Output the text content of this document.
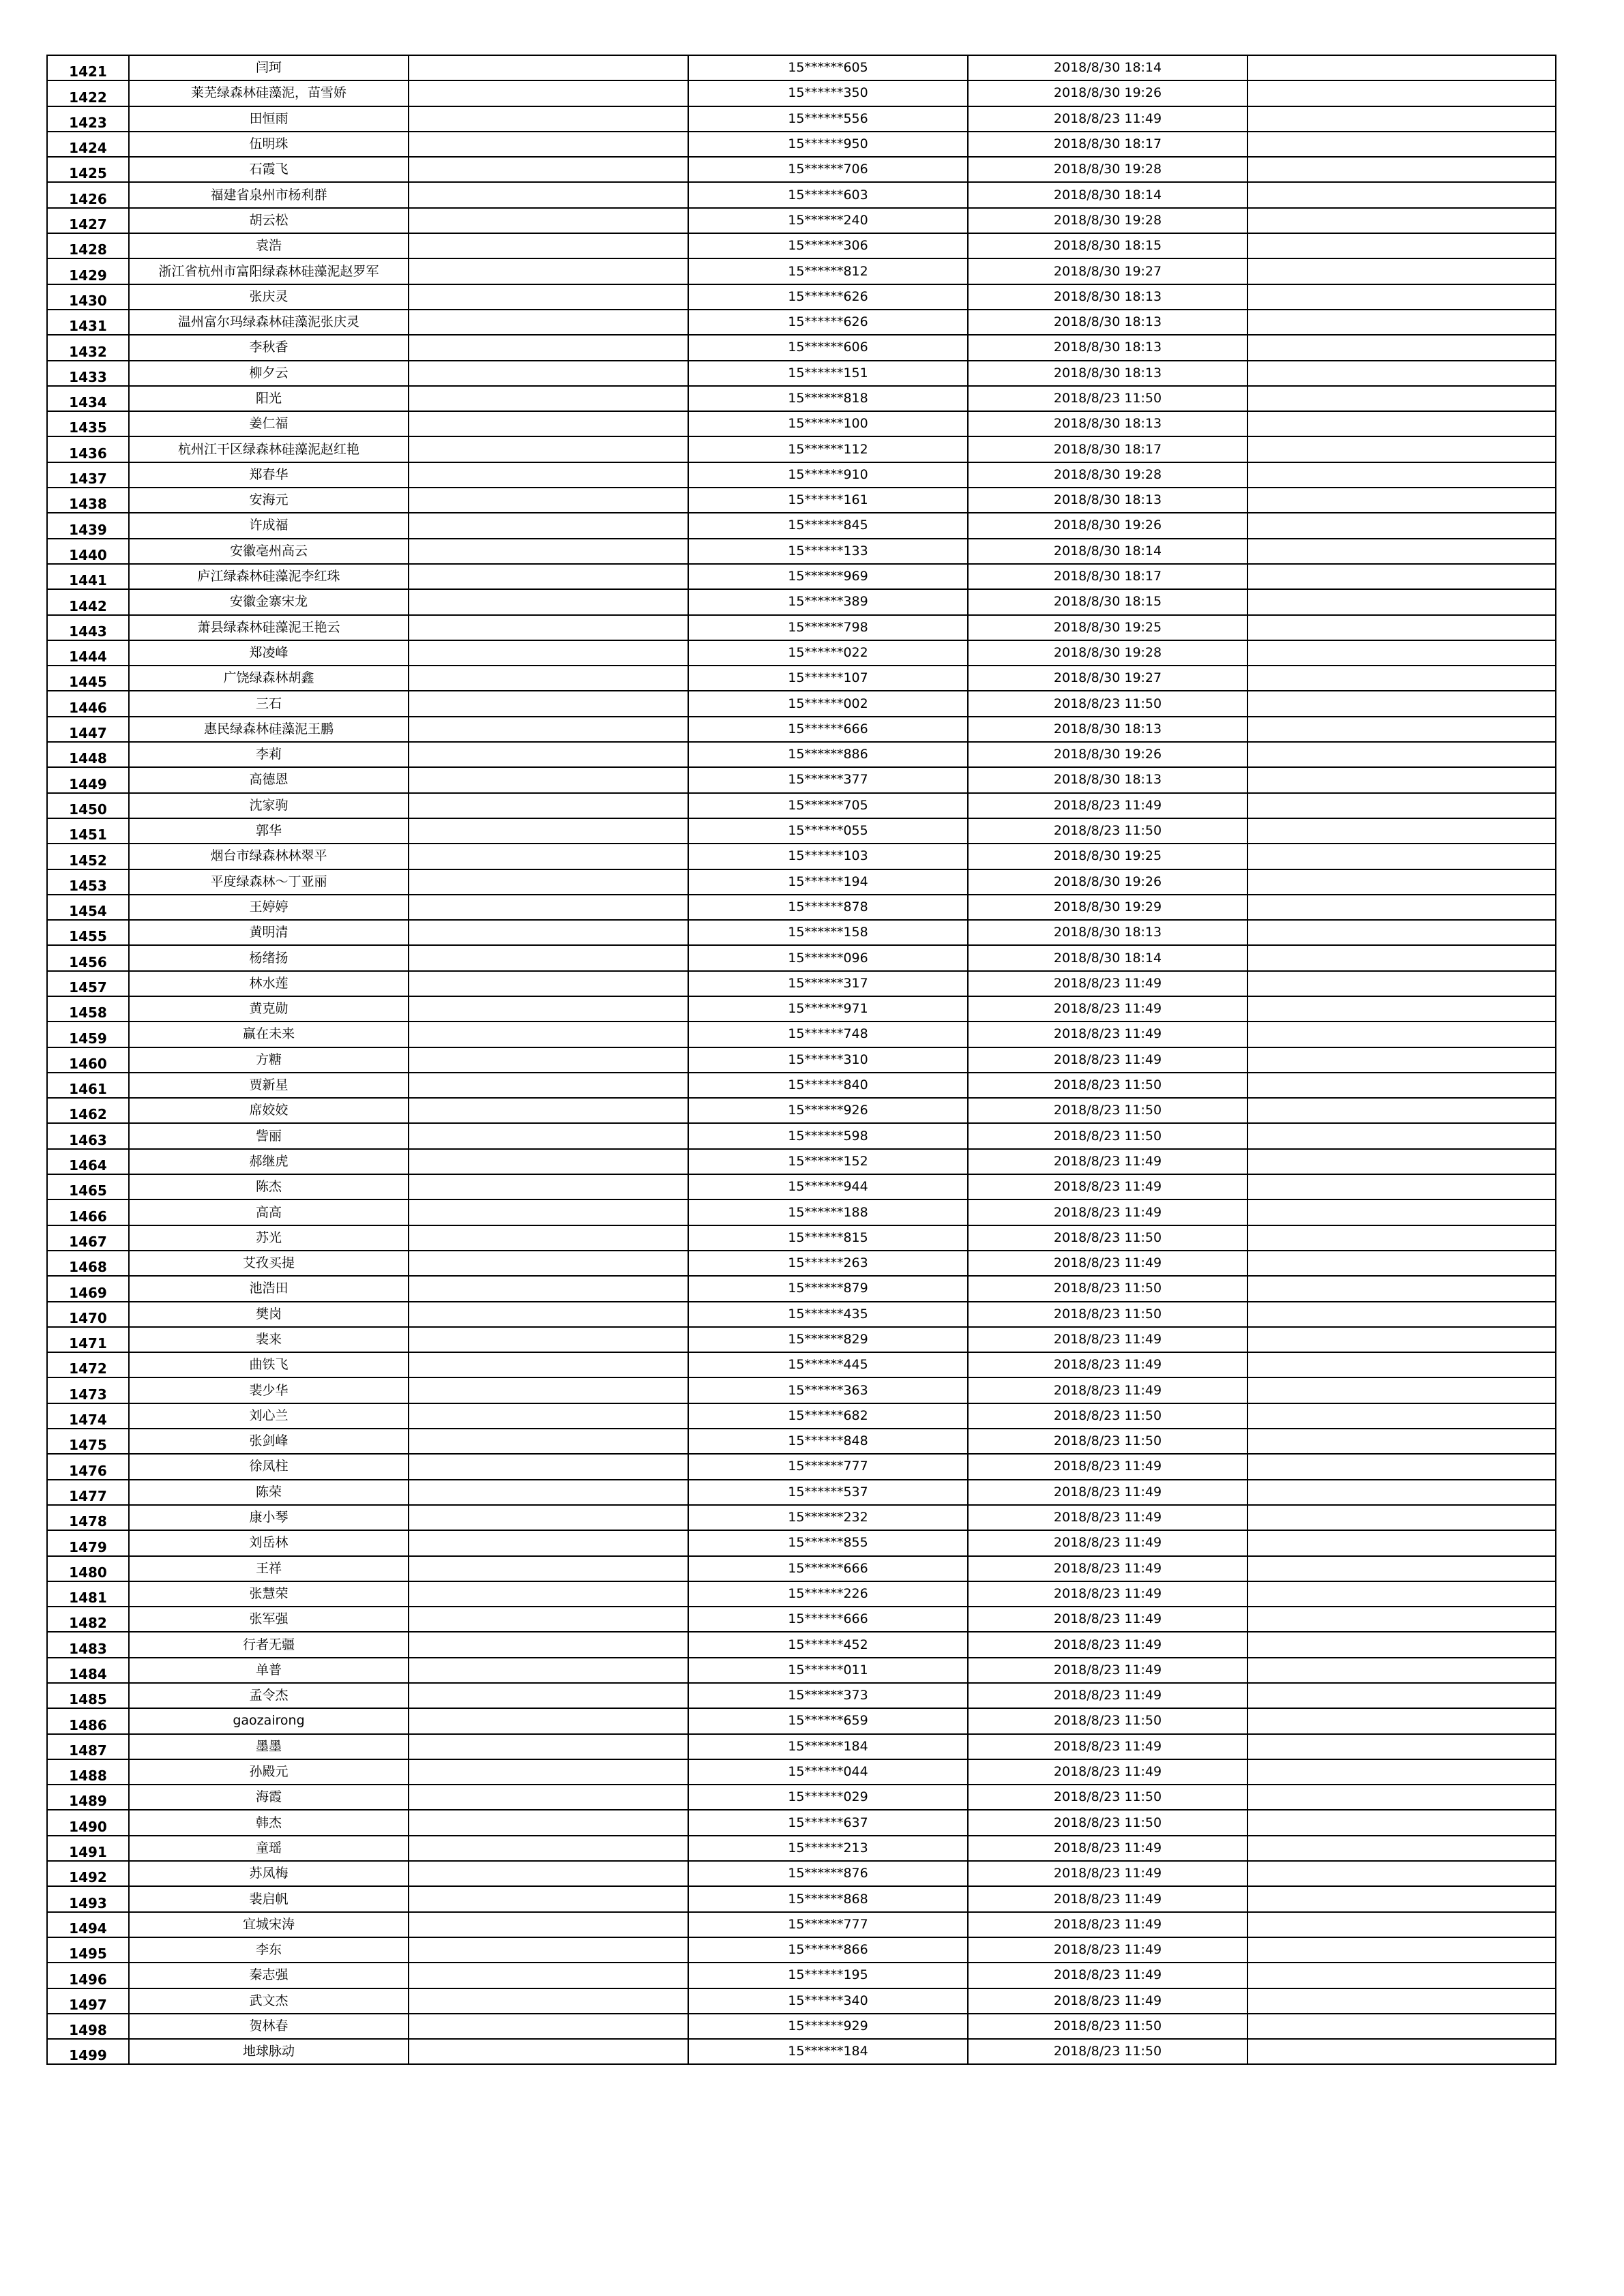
1421	闫珂		15******605	2018/8/30 18:14	
1422	莱芜绿森林硅藻泥，苗雪娇		15******350	2018/8/30 19:26	
1423	田恒雨		15******556	2018/8/23 11:49	
1424	伍明珠		15******950	2018/8/30 18:17	
1425	石霞飞		15******706	2018/8/30 19:28	
1426	福建省泉州市杨利群		15******603	2018/8/30 18:14	
1427	胡云松		15******240	2018/8/30 19:28	
1428	袁浩		15******306	2018/8/30 18:15	
1429	浙江省杭州市富阳绿森林硅藻泥赵罗军		15******812	2018/8/30 19:27	
1430	张庆灵		15******626	2018/8/30 18:13	
1431	温州富尔玛绿森林硅藻泥张庆灵		15******626	2018/8/30 18:13	
1432	李秋香		15******606	2018/8/30 18:13	
1433	柳夕云		15******151	2018/8/30 18:13	
1434	阳光		15******818	2018/8/23 11:50	
1435	姜仁福		15******100	2018/8/30 18:13	
1436	杭州江干区绿森林硅藻泥赵红艳		15******112	2018/8/30 18:17	
1437	郑春华		15******910	2018/8/30 19:28	
1438	安海元		15******161	2018/8/30 18:13	
1439	许成福		15******845	2018/8/30 19:26	
1440	安徽亳州高云		15******133	2018/8/30 18:14	
1441	庐江绿森林硅藻泥李红珠		15******969	2018/8/30 18:17	
1442	安徽金寨宋龙		15******389	2018/8/30 18:15	
1443	萧县绿森林硅藻泥王艳云		15******798	2018/8/30 19:25	
1444	郑凌峰		15******022	2018/8/30 19:28	
1445	广饶绿森林胡鑫		15******107	2018/8/30 19:27	
1446	三石		15******002	2018/8/23 11:50	
1447	惠民绿森林硅藻泥王鹏		15******666	2018/8/30 18:13	
1448	李莉		15******886	2018/8/30 19:26	
1449	高德恩		15******377	2018/8/30 18:13	
1450	沈家驹		15******705	2018/8/23 11:49	
1451	郭华		15******055	2018/8/23 11:50	
1452	烟台市绿森林林翠平		15******103	2018/8/30 19:25	
1453	平度绿森林～丁亚丽		15******194	2018/8/30 19:26	
1454	王婷婷		15******878	2018/8/30 19:29	
1455	黄明清		15******158	2018/8/30 18:13	
1456	杨绪扬		15******096	2018/8/30 18:14	
1457	林水莲		15******317	2018/8/23 11:49	
1458	黄克勋		15******971	2018/8/23 11:49	
1459	赢在未来		15******748	2018/8/23 11:49	
1460	方糖		15******310	2018/8/23 11:49	
1461	贾新星		15******840	2018/8/23 11:50	
1462	席姣姣		15******926	2018/8/23 11:50	
1463	訾丽		15******598	2018/8/23 11:50	
1464	郝继虎		15******152	2018/8/23 11:49	
1465	陈杰		15******944	2018/8/23 11:49	
1466	高高		15******188	2018/8/23 11:49	
1467	苏光		15******815	2018/8/23 11:50	
1468	艾孜买提		15******263	2018/8/23 11:49	
1469	池浩田		15******879	2018/8/23 11:50	
1470	樊岗		15******435	2018/8/23 11:50	
1471	裴来		15******829	2018/8/23 11:49	
1472	曲铁飞		15******445	2018/8/23 11:49	
1473	裴少华		15******363	2018/8/23 11:49	
1474	刘心兰		15******682	2018/8/23 11:50	
1475	张剑峰		15******848	2018/8/23 11:50	
1476	徐凤柱		15******777	2018/8/23 11:49	
1477	陈荣		15******537	2018/8/23 11:49	
1478	康小琴		15******232	2018/8/23 11:49	
1479	刘岳林		15******855	2018/8/23 11:49	
1480	王祥		15******666	2018/8/23 11:49	
1481	张慧荣		15******226	2018/8/23 11:49	
1482	张军强		15******666	2018/8/23 11:49	
1483	行者无疆		15******452	2018/8/23 11:49	
1484	单普		15******011	2018/8/23 11:49	
1485	孟令杰		15******373	2018/8/23 11:49	
1486	gaozairong		15******659	2018/8/23 11:50	
1487	墨墨		15******184	2018/8/23 11:49	
1488	孙殿元		15******044	2018/8/23 11:49	
1489	海霞		15******029	2018/8/23 11:50	
1490	韩杰		15******637	2018/8/23 11:50	
1491	童瑶		15******213	2018/8/23 11:49	
1492	苏凤梅		15******876	2018/8/23 11:49	
1493	裴启帆		15******868	2018/8/23 11:49	
1494	宜城宋涛		15******777	2018/8/23 11:49	
1495	李东		15******866	2018/8/23 11:49	
1496	秦志强		15******195	2018/8/23 11:49	
1497	武文杰		15******340	2018/8/23 11:49	
1498	贺林春		15******929	2018/8/23 11:50	
1499	地球脉动		15******184	2018/8/23 11:50	
